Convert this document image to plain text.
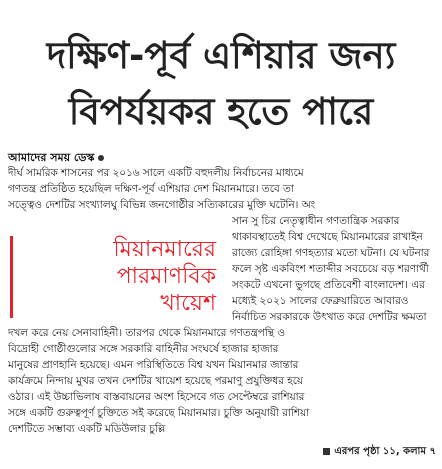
দক্ষিণ-পূর্ব এশিয়ার জন্য
বিপর্যয়কর হতে পারে
আমাদের সময় ডেস্ক
দীর্ঘ সামরিক শাসনের পর ২০১৬ সালে একটি বহুদলীয় নির্বাচনের মাধ্যমে
গণতন্ত্র প্রতিষ্ঠিত হয়েছিল দক্ষিণ-পূর্ব এশিয়ার দেশ মিয়ানমারে। তবে তা
সত্ত্বেও দেশটির সংখ্যালঘু বিভিন্ন জনগোষ্ঠীর সত্যিকারের মুক্তি ঘটেনি। অং
মিয়ানমারের
পারমাণবিক
খায়েশ
সান সু চির নেতৃত্বাধীন গণতান্ত্রিক সরকার
থাকাবস্থাতেই বিশ্ব দেখেছে মিয়ানমারের রাখাইন
রাজ্যে রোহিঙ্গা গণহত্যার মতো ঘটনা। যে ঘটনার
ফলে সৃষ্ট একবিংশ শতাব্দীর সবচেয়ে বড় শরণার্থী
সংকটে এখনো ভুগছে প্রতিবেশী বাংলাদেশ। এর
মধ্যেই ২০২১ সালের ফেব্রুয়ারিতে আবারও
নির্বাচিত সরকারকে উৎখাত করে দেশটির ক্ষমতা
দখল করে নেয় সেনাবাহিনী। তারপর থেকে মিয়ানমারে গণতন্ত্রপন্থি ও
বিদ্রোহী গোষ্ঠীগুলোর সঙ্গে সরকারি বাহিনীর সংঘর্ষে হাজার হাজার
মানুষের প্রাণহানি হয়েছে। এমন পরিস্থিতিতে বিশ্ব যখন মিয়ানমার জান্তার
কার্যক্রমে নিন্দায় মুখর তখন দেশটির খায়েশ হয়েছে পরমাণু প্রযুক্তিধর হয়ে
ওঠার। এই উচ্চাভিলাষ বাস্তবায়নের অংশ হিসেবে গত সেপ্টেম্বরে রাশিয়ার
সঙ্গে একটি গুরুত্বপূর্ণ চুক্তিতে সই করেছে মিয়ানমার। চুক্তি অনুযায়ী রাশিয়া
দেশটিতে সম্ভাব্য একটি মডিউলার চুল্লি
এরপর পৃষ্ঠা ১১, কলাম ৭
